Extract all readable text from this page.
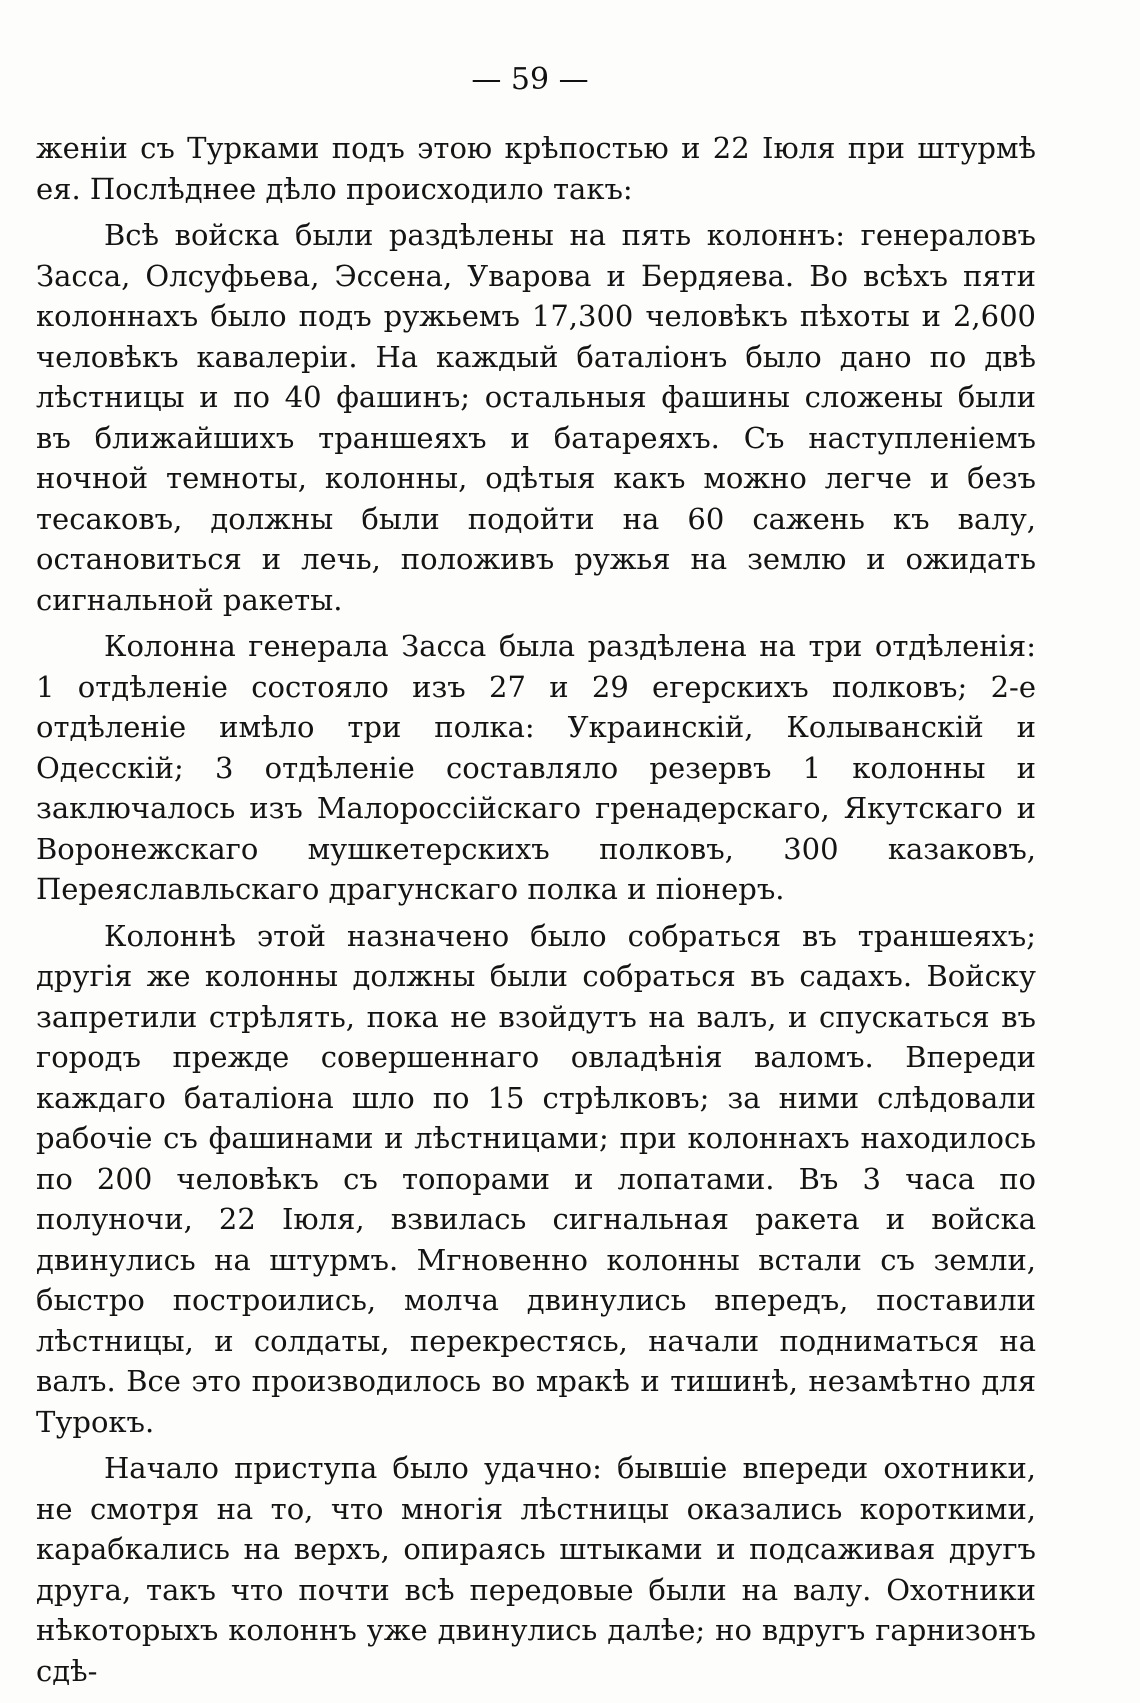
— 59 —

женіи съ Турками подъ этою крѣпостью и 22 Іюля при штурмѣ ея. Послѣднее дѣло происходило такъ:

Всѣ войска были раздѣлены на пять колоннъ: генераловъ Засса, Олсуфьева, Эссена, Уварова и Бердяева. Во всѣхъ пяти колоннахъ было подъ ружьемъ 17,300 человѣкъ пѣхоты и 2,600 человѣкъ кавалеріи. На каждый баталіонъ было дано по двѣ лѣстницы и по 40 фашинъ; остальныя фашины сложены были въ ближайшихъ траншеяхъ и батареяхъ. Съ наступленіемъ ночной темноты, колонны, одѣтыя какъ можно легче и безъ тесаковъ, должны были подойти на 60 сажень къ валу, остановиться и лечь, положивъ ружья на землю и ожидать сигнальной ракеты.

Колонна генерала Засса была раздѣлена на три отдѣленія: 1 отдѣленіе состояло изъ 27 и 29 егерскихъ полковъ; 2-е отдѣленіе имѣло три полка: Украинскій, Колыванскій и Одесскій; 3 отдѣленіе составляло резервъ 1 колонны и заключалось изъ Малороссійскаго гренадерскаго, Якутскаго и Воронежскаго мушкетерскихъ полковъ, 300 казаковъ, Переяславльскаго драгунскаго полка и піонеръ.

Колоннѣ этой назначено было собраться въ траншеяхъ; другія же колонны должны были собраться въ садахъ. Войску запретили стрѣлять, пока не взойдутъ на валъ, и спускаться въ городъ прежде совершеннаго овладѣнія валомъ. Впереди каждаго баталіона шло по 15 стрѣлковъ; за ними слѣдовали рабочіе съ фашинами и лѣстницами; при колоннахъ находилось по 200 человѣкъ съ топорами и лопатами. Въ 3 часа по полуночи, 22 Іюля, взвилась сигнальная ракета и войска двинулись на штурмъ. Мгновенно колонны встали съ земли, быстро построились, молча двинулись впередъ, поставили лѣстницы, и солдаты, перекрестясь, начали подниматься на валъ. Все это производилось во мракѣ и тишинѣ, незамѣтно для Турокъ.

Начало приступа было удачно: бывшіе впереди охотники, не смотря на то, что многія лѣстницы оказались короткими, карабкались на верхъ, опираясь штыками и подсаживая другъ друга, такъ что почти всѣ передовые были на валу. Охотники нѣкоторыхъ колоннъ уже двинулись далѣе; но вдругъ гарнизонъ сдѣ-
